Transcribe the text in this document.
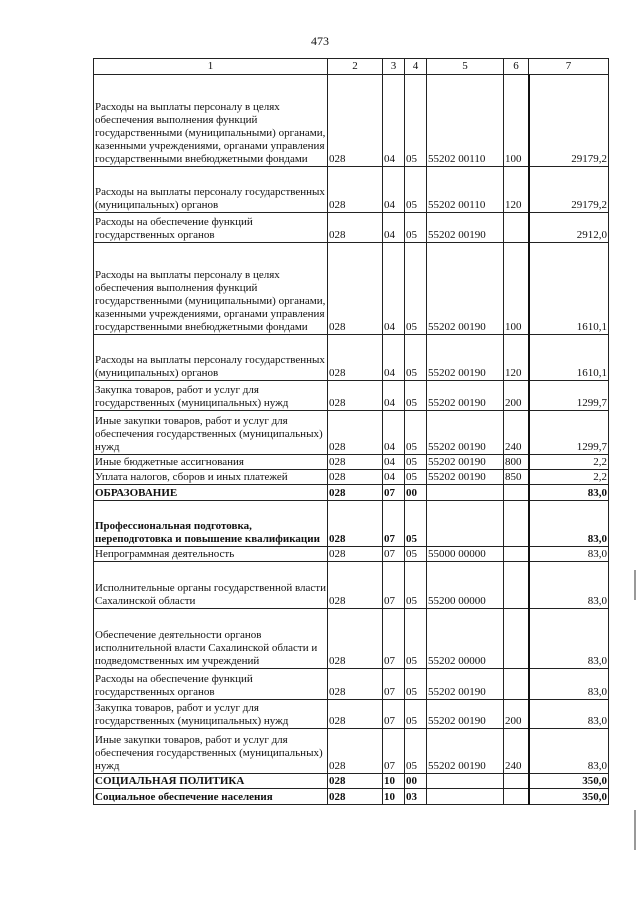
473
1	2	3	4	5	6	7
Расходы на выплаты персоналу в целях обеспечения выполнения функций государственными (муниципальными) органами, казенными учреждениями, органами управления государственными внебюджетными фондами	028	04	05	55202 00110	100	29179,2
Расходы на выплаты персоналу государственных (муниципальных) органов	028	04	05	55202 00110	120	29179,2
Расходы на обеспечение функций государственных органов	028	04	05	55202 00190		2912,0
Расходы на выплаты персоналу в целях обеспечения выполнения функций государственными (муниципальными) органами, казенными учреждениями, органами управления государственными внебюджетными фондами	028	04	05	55202 00190	100	1610,1
Расходы на выплаты персоналу государственных (муниципальных) органов	028	04	05	55202 00190	120	1610,1
Закупка товаров, работ и услуг для государственных (муниципальных) нужд	028	04	05	55202 00190	200	1299,7
Иные закупки товаров, работ и услуг для обеспечения государственных (муниципальных) нужд	028	04	05	55202 00190	240	1299,7
Иные бюджетные ассигнования	028	04	05	55202 00190	800	2,2
Уплата налогов, сборов и иных платежей	028	04	05	55202 00190	850	2,2
ОБРАЗОВАНИЕ	028	07	00			83,0
Профессиональная подготовка, переподготовка и повышение квалификации	028	07	05			83,0
Непрограммная деятельность	028	07	05	55000 00000		83,0
Исполнительные органы государственной власти Сахалинской области	028	07	05	55200 00000		83,0
Обеспечение деятельности органов исполнительной власти Сахалинской области и подведомственных им учреждений	028	07	05	55202 00000		83,0
Расходы на обеспечение функций государственных органов	028	07	05	55202 00190		83,0
Закупка товаров, работ и услуг для государственных (муниципальных) нужд	028	07	05	55202 00190	200	83,0
Иные закупки товаров, работ и услуг для обеспечения государственных (муниципальных) нужд	028	07	05	55202 00190	240	83,0
СОЦИАЛЬНАЯ ПОЛИТИКА	028	10	00			350,0
Социальное обеспечение населения	028	10	03			350,0
